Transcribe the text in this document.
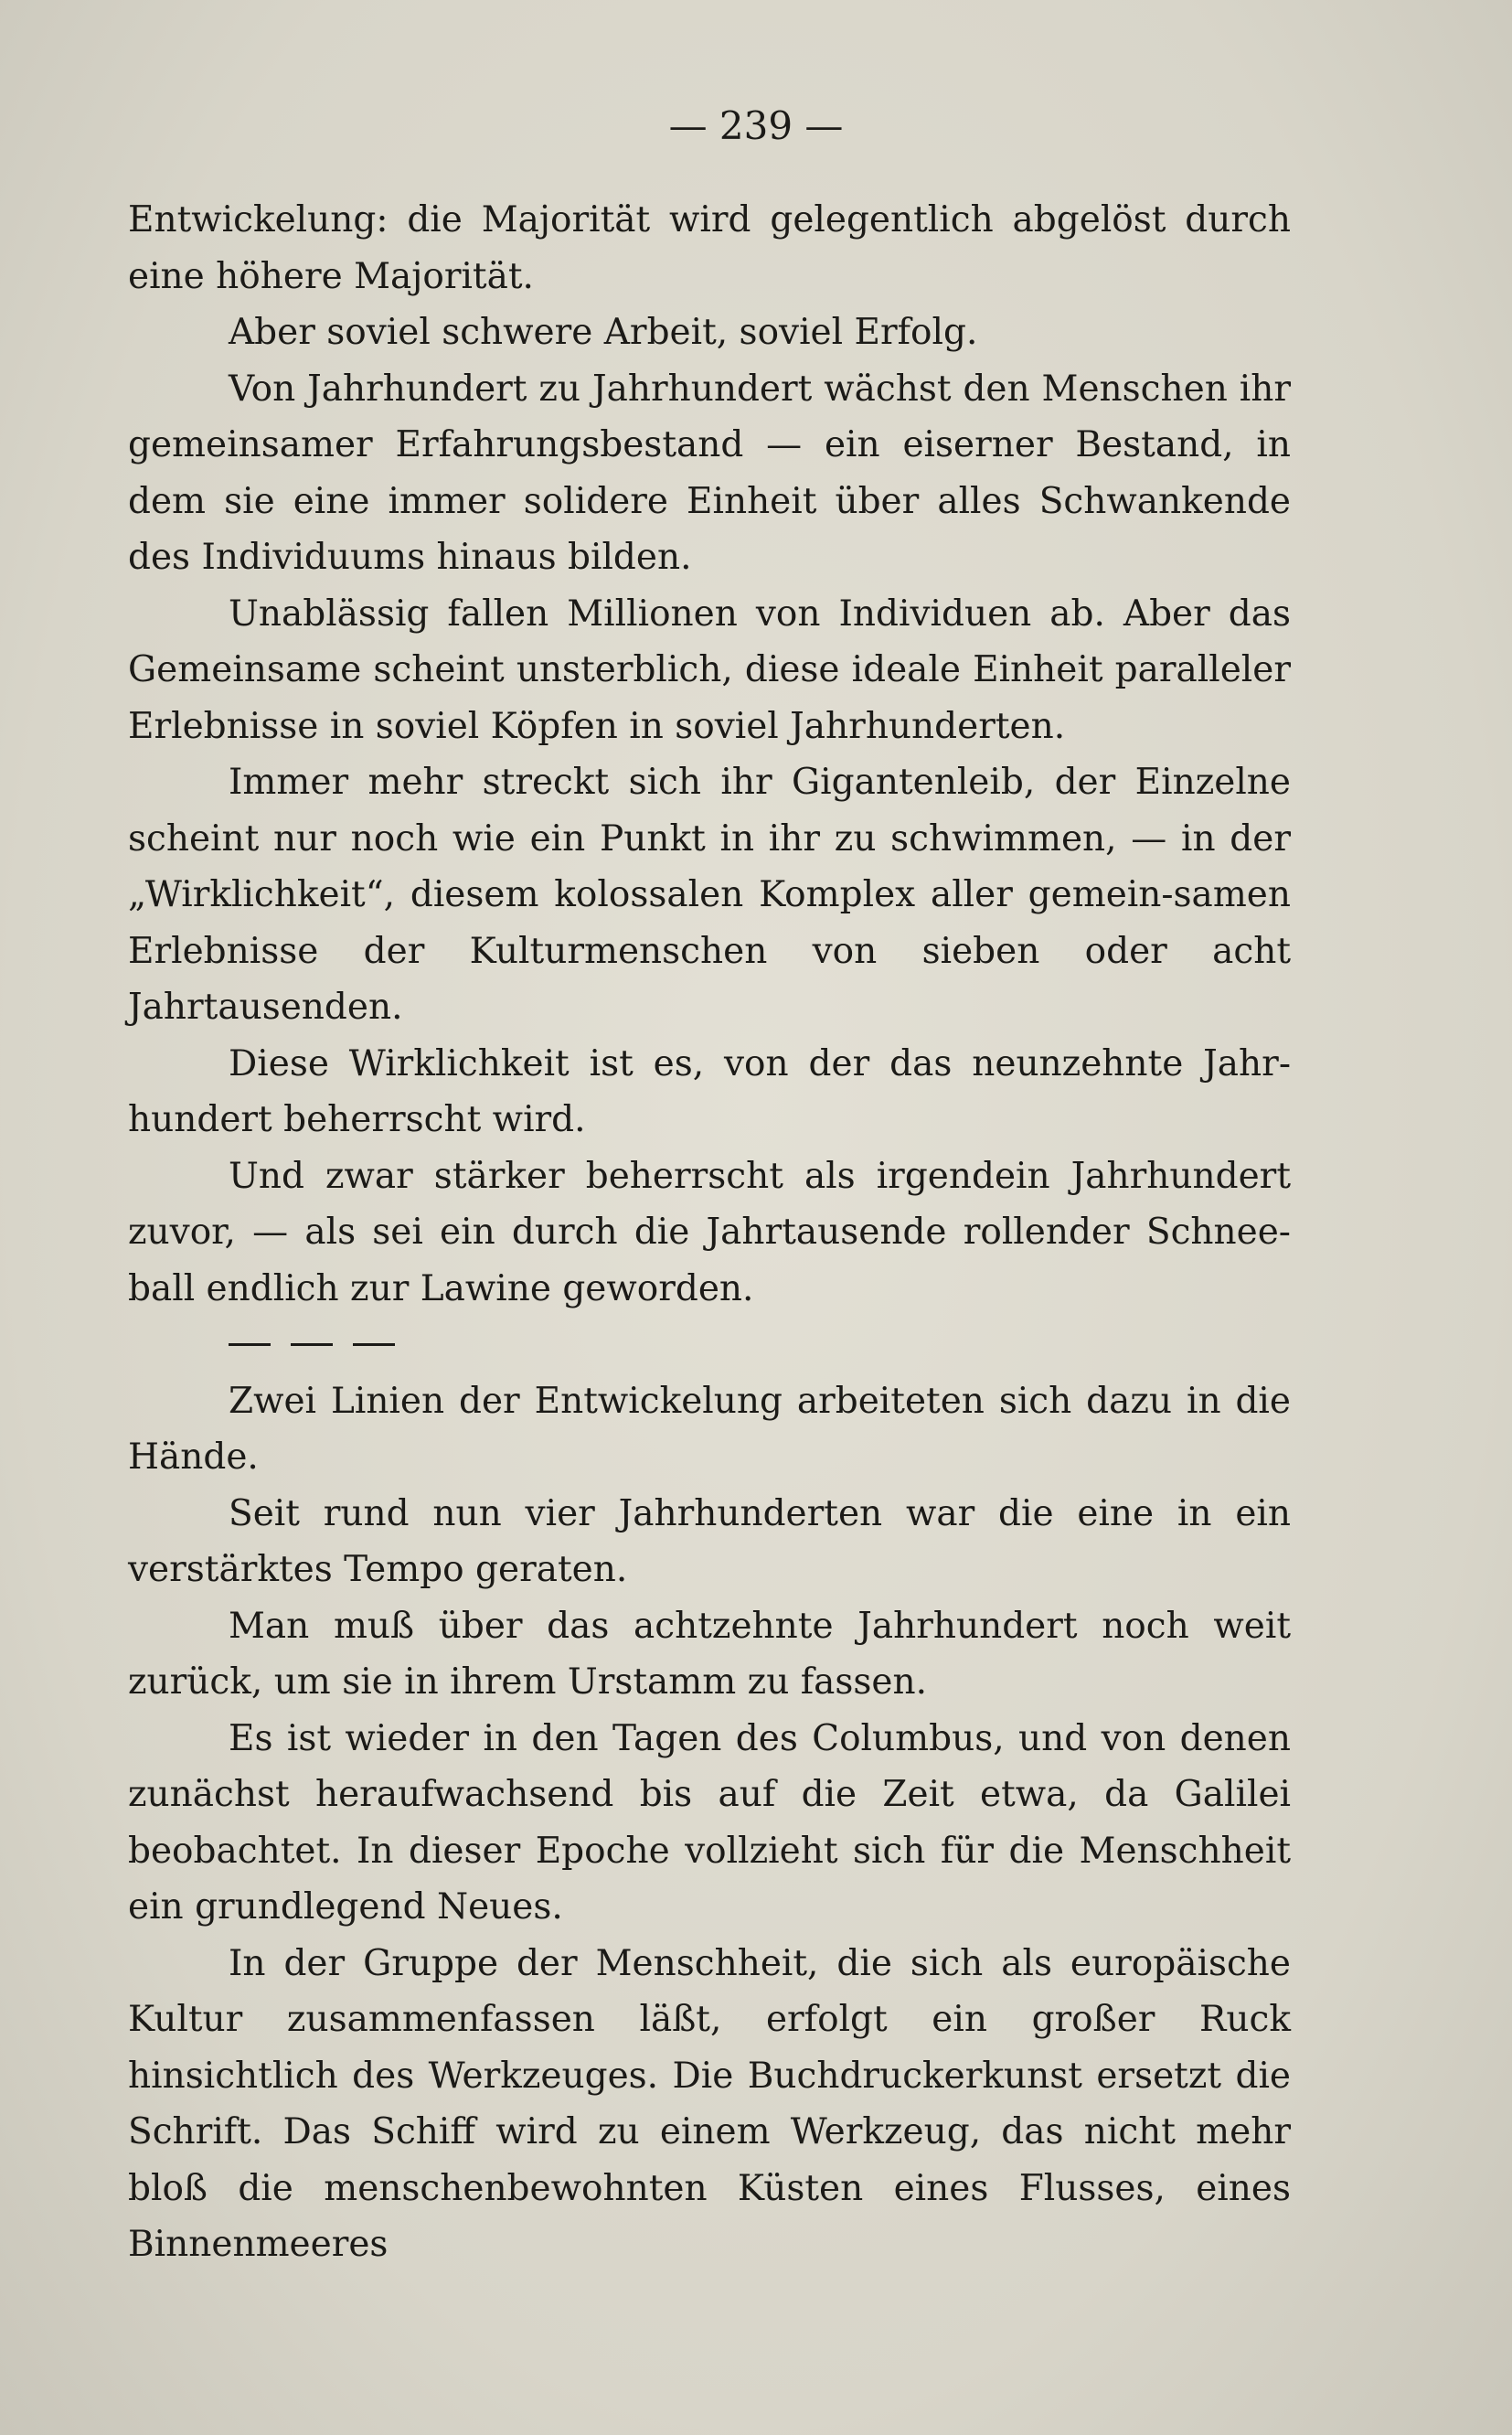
— 239 —

Entwickelung: die Majorität wird gelegentlich abgelöst durch eine höhere Majorität.

Aber soviel schwere Arbeit, soviel Erfolg.

Von Jahrhundert zu Jahrhundert wächst den Menschen ihr gemeinsamer Erfahrungsbestand — ein eiserner Bestand, in dem sie eine immer solidere Einheit über alles Schwankende des Individuums hinaus bilden.

Unablässig fallen Millionen von Individuen ab. Aber das Gemeinsame scheint unsterblich, diese ideale Einheit paralleler Erlebnisse in soviel Köpfen in soviel Jahrhunderten.

Immer mehr streckt sich ihr Gigantenleib, der Einzelne scheint nur noch wie ein Punkt in ihr zu schwimmen, — in der „Wirklichkeit“, diesem kolossalen Komplex aller gemein-samen Erlebnisse der Kulturmenschen von sieben oder acht Jahrtausenden.

Diese Wirklichkeit ist es, von der das neunzehnte Jahr-hundert beherrscht wird.

Und zwar stärker beherrscht als irgendein Jahrhundert zuvor, — als sei ein durch die Jahrtausende rollender Schnee-ball endlich zur Lawine geworden.

Zwei Linien der Entwickelung arbeiteten sich dazu in die Hände.

Seit rund nun vier Jahrhunderten war die eine in ein verstärktes Tempo geraten.

Man muß über das achtzehnte Jahrhundert noch weit zurück, um sie in ihrem Urstamm zu fassen.

Es ist wieder in den Tagen des Columbus, und von denen zunächst heraufwachsend bis auf die Zeit etwa, da Galilei beobachtet. In dieser Epoche vollzieht sich für die Menschheit ein grundlegend Neues.

In der Gruppe der Menschheit, die sich als europäische Kultur zusammenfassen läßt, erfolgt ein großer Ruck hinsichtlich des Werkzeuges. Die Buchdruckerkunst ersetzt die Schrift. Das Schiff wird zu einem Werkzeug, das nicht mehr bloß die menschenbewohnten Küsten eines Flusses, eines Binnenmeeres
